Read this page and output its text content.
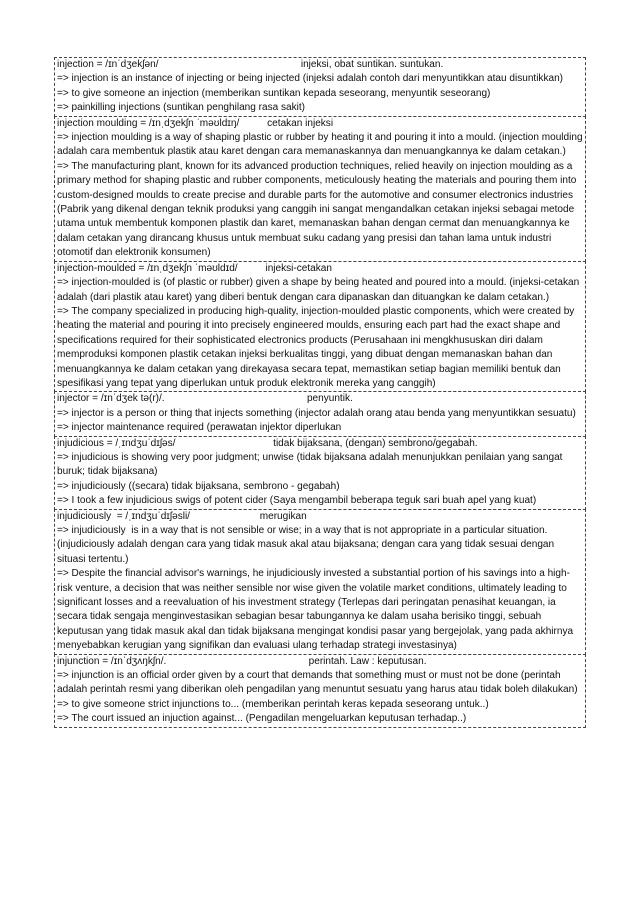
injection = /ɪnˈdʒekʃən/                                                   injeksi, obat suntikan. suntukan.

=> injection is an instance of injecting or being injected (injeksi adalah contoh dari menyuntikkan atau disuntikkan)

=> to give someone an injection (memberikan suntikan kepada seseorang, menyuntik seseorang)

=> painkilling injections (suntikan penghilang rasa sakit)

injection moulding = /ɪnˌdʒekʃn ˈməʊldɪŋ/          cetakan injeksi

=> injection moulding is a way of shaping plastic or rubber by heating it and pouring it into a mould. (injection moulding adalah cara membentuk plastik atau karet dengan cara memanaskannya dan menuangkannya ke dalam cetakan.)

=> The manufacturing plant, known for its advanced production techniques, relied heavily on injection moulding as a primary method for shaping plastic and rubber components, meticulously heating the materials and pouring them into custom-designed moulds to create precise and durable parts for the automotive and consumer electronics industries (Pabrik yang dikenal dengan teknik produksi yang canggih ini sangat mengandalkan cetakan injeksi sebagai metode utama untuk membentuk komponen plastik dan karet, memanaskan bahan dengan cermat dan menuangkannya ke dalam cetakan yang dirancang khusus untuk membuat suku cadang yang presisi dan tahan lama untuk industri otomotif dan elektronik konsumen)

injection-moulded = /ɪnˌdʒekʃn ˈməʊldɪd/          injeksi-cetakan

=> injection-moulded is (of plastic or rubber) given a shape by being heated and poured into a mould. (injeksi-cetakan adalah (dari plastik atau karet) yang diberi bentuk dengan cara dipanaskan dan dituangkan ke dalam cetakan.)

=> The company specialized in producing high-quality, injection-moulded plastic components, which were created by heating the material and pouring it into precisely engineered moulds, ensuring each part had the exact shape and specifications required for their sophisticated electronics products (Perusahaan ini mengkhususkan diri dalam memproduksi komponen plastik cetakan injeksi berkualitas tinggi, yang dibuat dengan memanaskan bahan dan menuangkannya ke dalam cetakan yang direkayasa secara tepat, memastikan setiap bagian memiliki bentuk dan spesifikasi yang tepat yang diperlukan untuk produk elektronik mereka yang canggih)

injector = /ɪnˈdʒek tə(r)/.                                                   penyuntik.

=> injector is a person or thing that injects something (injector adalah orang atau benda yang menyuntikkan sesuatu)

=> injector maintenance required (perawatan injektor diperlukan

injudicious = /ˌɪndʒuˈdɪʃəs/                                   tidak bijaksana, (dengan) sembrono/gegabah.

=> injudicious is showing very poor judgment; unwise (tidak bijaksana adalah menunjukkan penilaian yang sangat buruk; tidak bijaksana)

=> injudiciously ((secara) tidak bijaksana, sembrono - gegabah)

=> I took a few injudicious swigs of potent cider (Saya mengambil beberapa teguk sari buah apel yang kuat)

injudiciously  = /ˌɪndʒuˈdɪʃəsli/                         merugikan

=> injudiciously  is in a way that is not sensible or wise; in a way that is not appropriate in a particular situation. (injudiciously adalah dengan cara yang tidak masuk akal atau bijaksana; dengan cara yang tidak sesuai dengan situasi tertentu.)

=> Despite the financial advisor's warnings, he injudiciously invested a substantial portion of his savings into a high-risk venture, a decision that was neither sensible nor wise given the volatile market conditions, ultimately leading to significant losses and a reevaluation of his investment strategy (Terlepas dari peringatan penasihat keuangan, ia secara tidak sengaja menginvestasikan sebagian besar tabungannya ke dalam usaha berisiko tinggi, sebuah keputusan yang tidak masuk akal dan tidak bijaksana mengingat kondisi pasar yang bergejolak, yang pada akhirnya menyebabkan kerugian yang signifikan dan evaluasi ulang terhadap strategi investasinya)

injunction = /ɪnˈdʒʌŋkʃn/.                                                   perintah. Law : keputusan.

=> injunction is an official order given by a court that demands that something must or must not be done (perintah adalah perintah resmi yang diberikan oleh pengadilan yang menuntut sesuatu yang harus atau tidak boleh dilakukan)

=> to give someone strict injunctions to... (memberikan perintah keras kepada seseorang untuk..)

=> The court issued an injuction against... (Pengadilan mengeluarkan keputusan terhadap..)
